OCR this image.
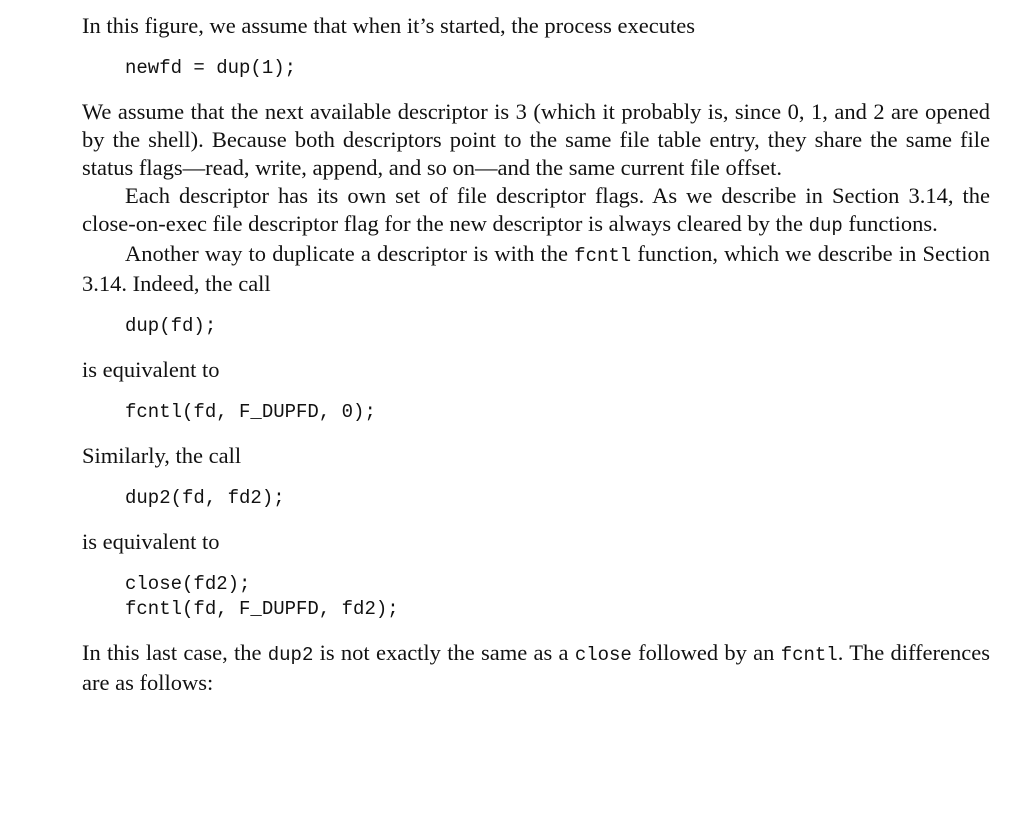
In this figure, we assume that when it’s started, the process executes

newfd = dup(1);

We assume that the next available descriptor is 3 (which it probably is, since 0, 1, and 2 are opened by the shell). Because both descriptors point to the same file table entry, they share the same file status flags—read, write, append, and so on—and the same current file offset.

Each descriptor has its own set of file descriptor flags. As we describe in Section 3.14, the close-on-exec file descriptor flag for the new descriptor is always cleared by the dup functions.

Another way to duplicate a descriptor is with the fcntl function, which we describe in Section 3.14. Indeed, the call

dup(fd);

is equivalent to

fcntl(fd, F_DUPFD, 0);

Similarly, the call

dup2(fd, fd2);

is equivalent to

close(fd2);
fcntl(fd, F_DUPFD, fd2);

In this last case, the dup2 is not exactly the same as a close followed by an fcntl. The differences are as follows:
